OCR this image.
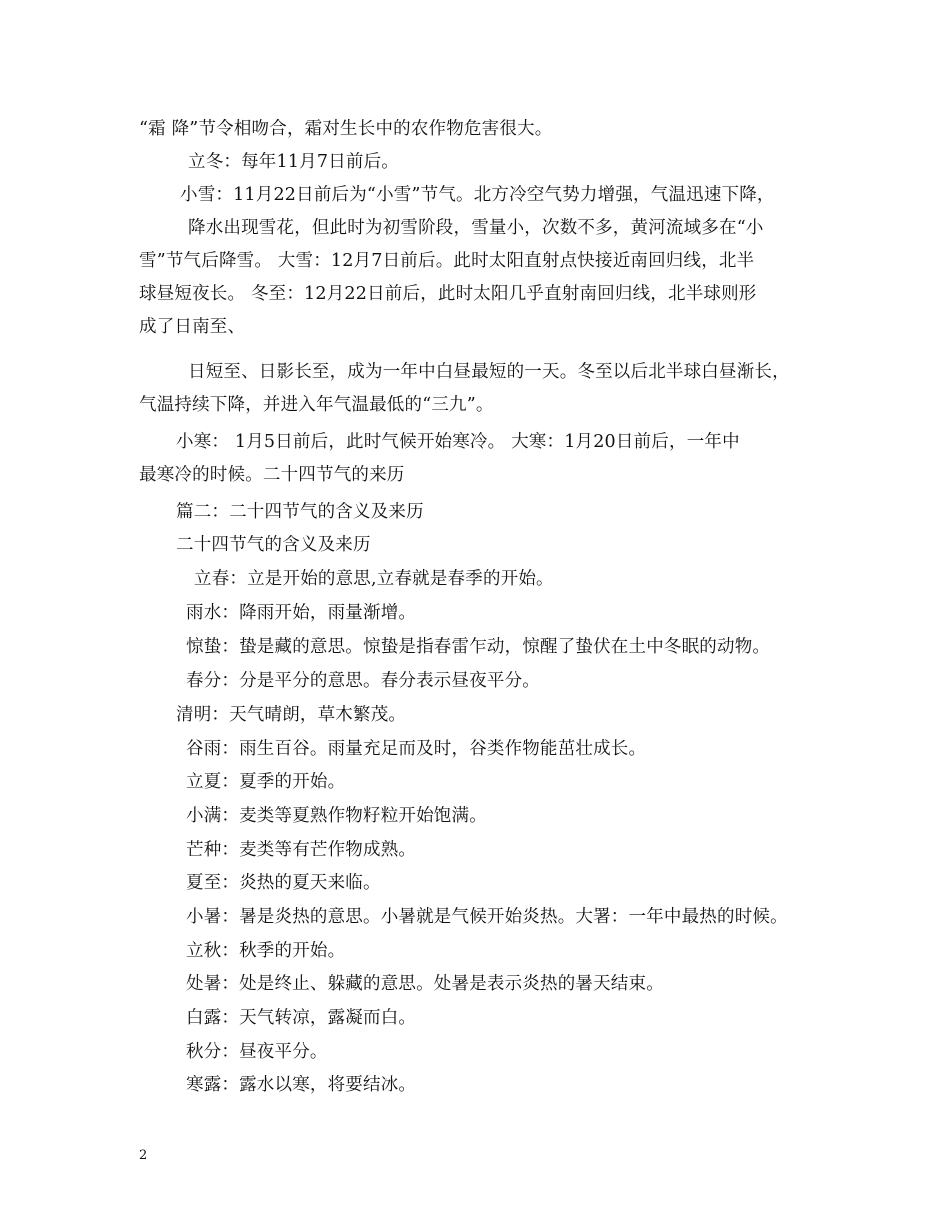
“霜 降”节令相吻合，霜对生长中的农作物危害很大。
立冬：每年11月7日前后。
小雪：11月22日前后为“小雪”节气。北方冷空气势力增强，气温迅速下降，
降水出现雪花，但此时为初雪阶段，雪量小，次数不多，黄河流域多在“小
雪”节气后降雪。 大雪：12月7日前后。此时太阳直射点快接近南回归线，北半
球昼短夜长。 冬至：12月22日前后，此时太阳几乎直射南回归线，北半球则形
成了日南至、
日短至、日影长至，成为一年中白昼最短的一天。冬至以后北半球白昼渐长，
气温持续下降，并进入年气温最低的“三九”。
小寒： 1月5日前后，此时气候开始寒冷。 大寒：1月20日前后，一年中
最寒冷的时候。二十四节气的来历
篇二：二十四节气的含义及来历
二十四节气的含义及来历
立春：立是开始的意思,立春就是春季的开始。
雨水：降雨开始，雨量渐增。
惊蛰：蛰是藏的意思。惊蛰是指春雷乍动，惊醒了蛰伏在土中冬眠的动物。
春分：分是平分的意思。春分表示昼夜平分。
清明：天气晴朗，草木繁茂。
谷雨：雨生百谷。雨量充足而及时，谷类作物能茁壮成长。
立夏：夏季的开始。
小满：麦类等夏熟作物籽粒开始饱满。
芒种：麦类等有芒作物成熟。
夏至：炎热的夏天来临。
小暑：暑是炎热的意思。小暑就是气候开始炎热。大署：一年中最热的时候。
立秋：秋季的开始。
处暑：处是终止、躲藏的意思。处暑是表示炎热的暑天结束。
白露：天气转凉，露凝而白。
秋分：昼夜平分。
寒露：露水以寒，将要结冰。
2
